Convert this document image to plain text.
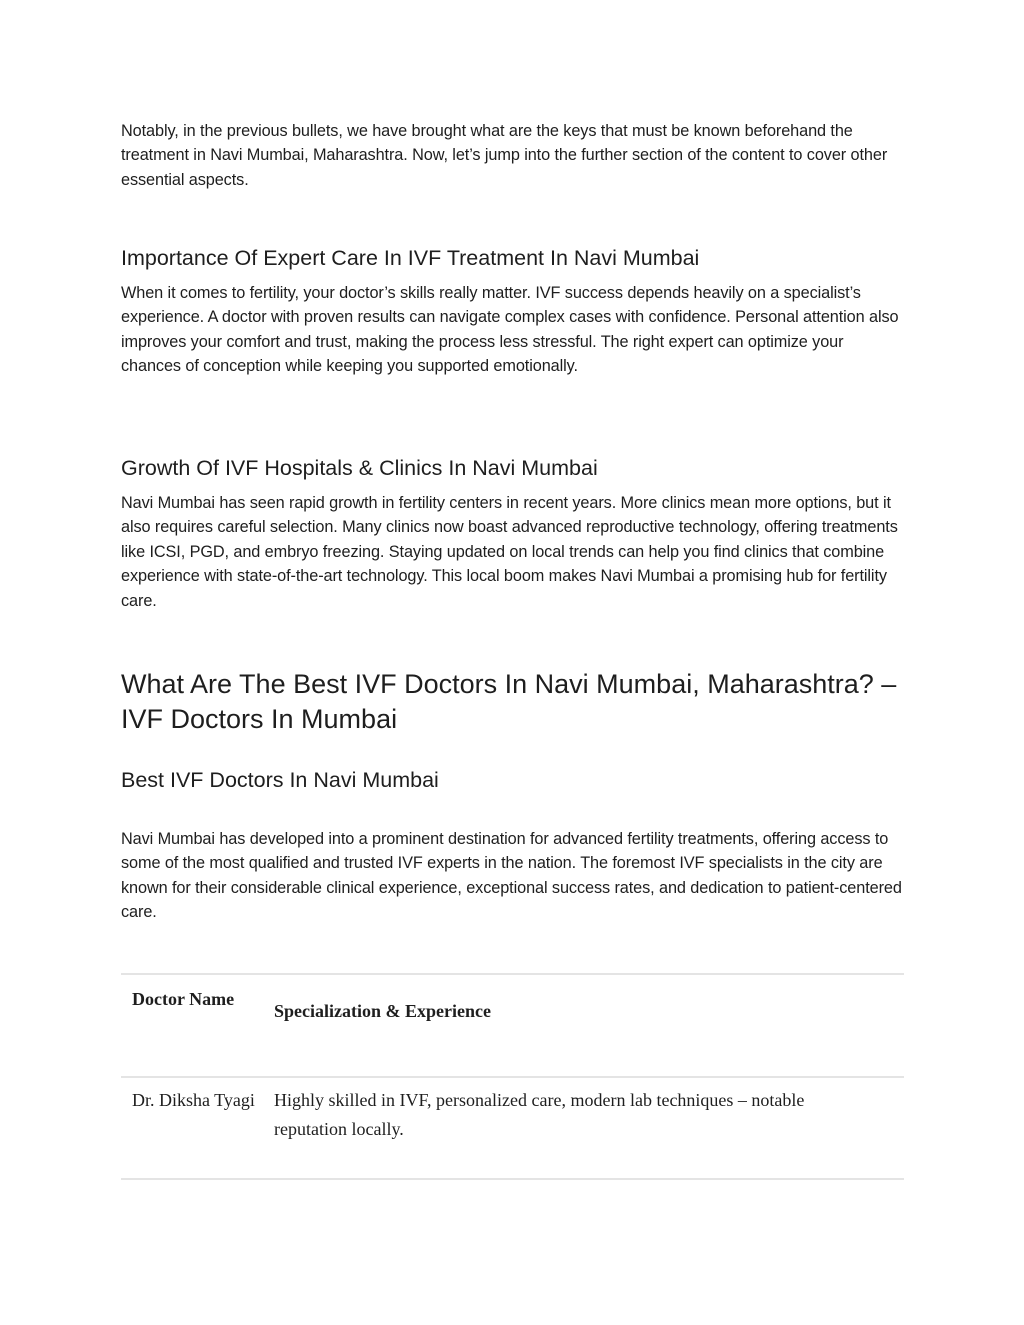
Notably, in the previous bullets, we have brought what are the keys that must be known beforehand the treatment in Navi Mumbai, Maharashtra. Now, let’s jump into the further section of the content to cover other essential aspects.

Importance Of Expert Care In IVF Treatment In Navi Mumbai

When it comes to fertility, your doctor’s skills really matter. IVF success depends heavily on a specialist’s experience. A doctor with proven results can navigate complex cases with confidence. Personal attention also improves your comfort and trust, making the process less stressful. The right expert can optimize your chances of conception while keeping you supported emotionally.

Growth Of IVF Hospitals & Clinics In Navi Mumbai

Navi Mumbai has seen rapid growth in fertility centers in recent years. More clinics mean more options, but it also requires careful selection. Many clinics now boast advanced reproductive technology, offering treatments like ICSI, PGD, and embryo freezing. Staying updated on local trends can help you find clinics that combine experience with state-of-the-art technology. This local boom makes Navi Mumbai a promising hub for fertility care.

What Are The Best IVF Doctors In Navi Mumbai, Maharashtra? – IVF Doctors In Mumbai
Best IVF Doctors In Navi Mumbai

Navi Mumbai has developed into a prominent destination for advanced fertility treatments, offering access to some of the most qualified and trusted IVF experts in the nation. The foremost IVF specialists in the city are known for their considerable clinical experience, exceptional success rates, and dedication to patient-centered care.

Doctor Name	Specialization & Experience
Dr. Diksha Tyagi	Highly skilled in IVF, personalized care, modern lab techniques – notable reputation locally.
